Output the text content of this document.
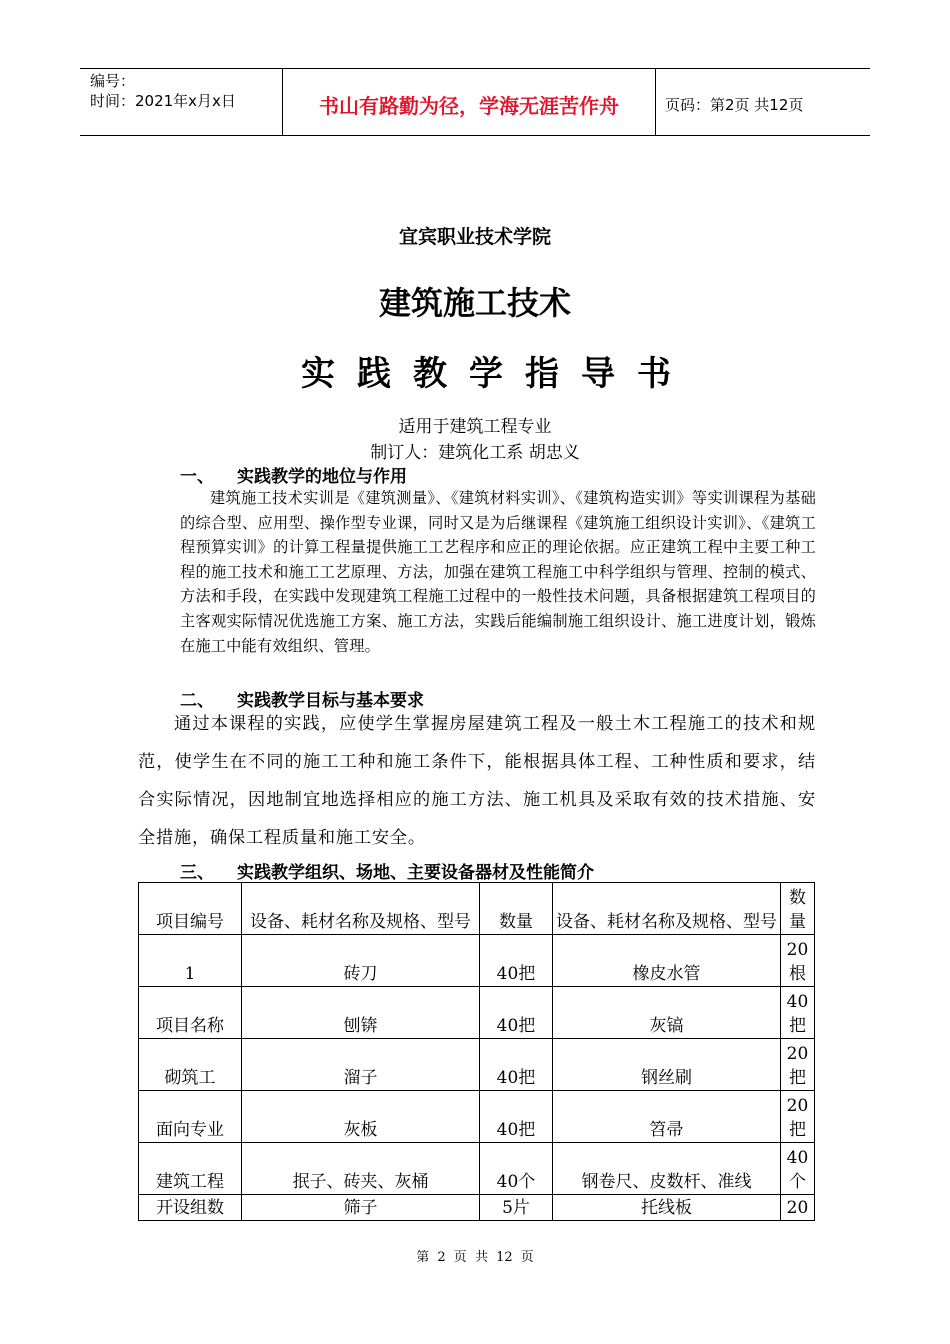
编号：
时间：2021年x月x日	书山有路勤为径，学海无涯苦作舟	页码：第2页 共12页
宜宾职业技术学院
建筑施工技术
实践教学指导书
适用于建筑工程专业
制订人：建筑化工系 胡忠义
一、 实践教学的地位与作用
建筑施工技术实训是《建筑测量》、《建筑材料实训》、《建筑构造实训》等实训课程为基础的综合型、应用型、操作型专业课，同时又是为后继课程《建筑施工组织设计实训》、《建筑工程预算实训》的计算工程量提供施工工艺程序和应正的理论依据。应正建筑工程中主要工种工程的施工技术和施工工艺原理、方法，加强在建筑工程施工中科学组织与管理、控制的模式、方法和手段，在实践中发现建筑工程施工过程中的一般性技术问题，具备根据建筑工程项目的主客观实际情况优选施工方案、施工方法，实践后能编制施工组织设计、施工进度计划，锻炼在施工中能有效组织、管理。
二、 实践教学目标与基本要求
通过本课程的实践，应使学生掌握房屋建筑工程及一般土木工程施工的技术和规范，使学生在不同的施工工种和施工条件下，能根据具体工程、工种性质和要求，结合实际情况，因地制宜地选择相应的施工方法、施工机具及采取有效的技术措施、安全措施，确保工程质量和施工安全。
三、 实践教学组织、场地、主要设备器材及性能简介
项目编号	设备、耗材名称及规格、型号	数量	设备、耗材名称及规格、型号	数量
1	砖刀	40把	橡皮水管	20根
项目名称	刨锛	40把	灰镐	40把
砌筑工	溜子	40把	钢丝刷	20把
面向专业	灰板	40把	笤帚	20把
建筑工程	抿子、砖夹、灰桶	40个	钢卷尺、皮数杆、准线	40个
开设组数	筛子	5片	托线板	20
第 2 页 共 12 页
